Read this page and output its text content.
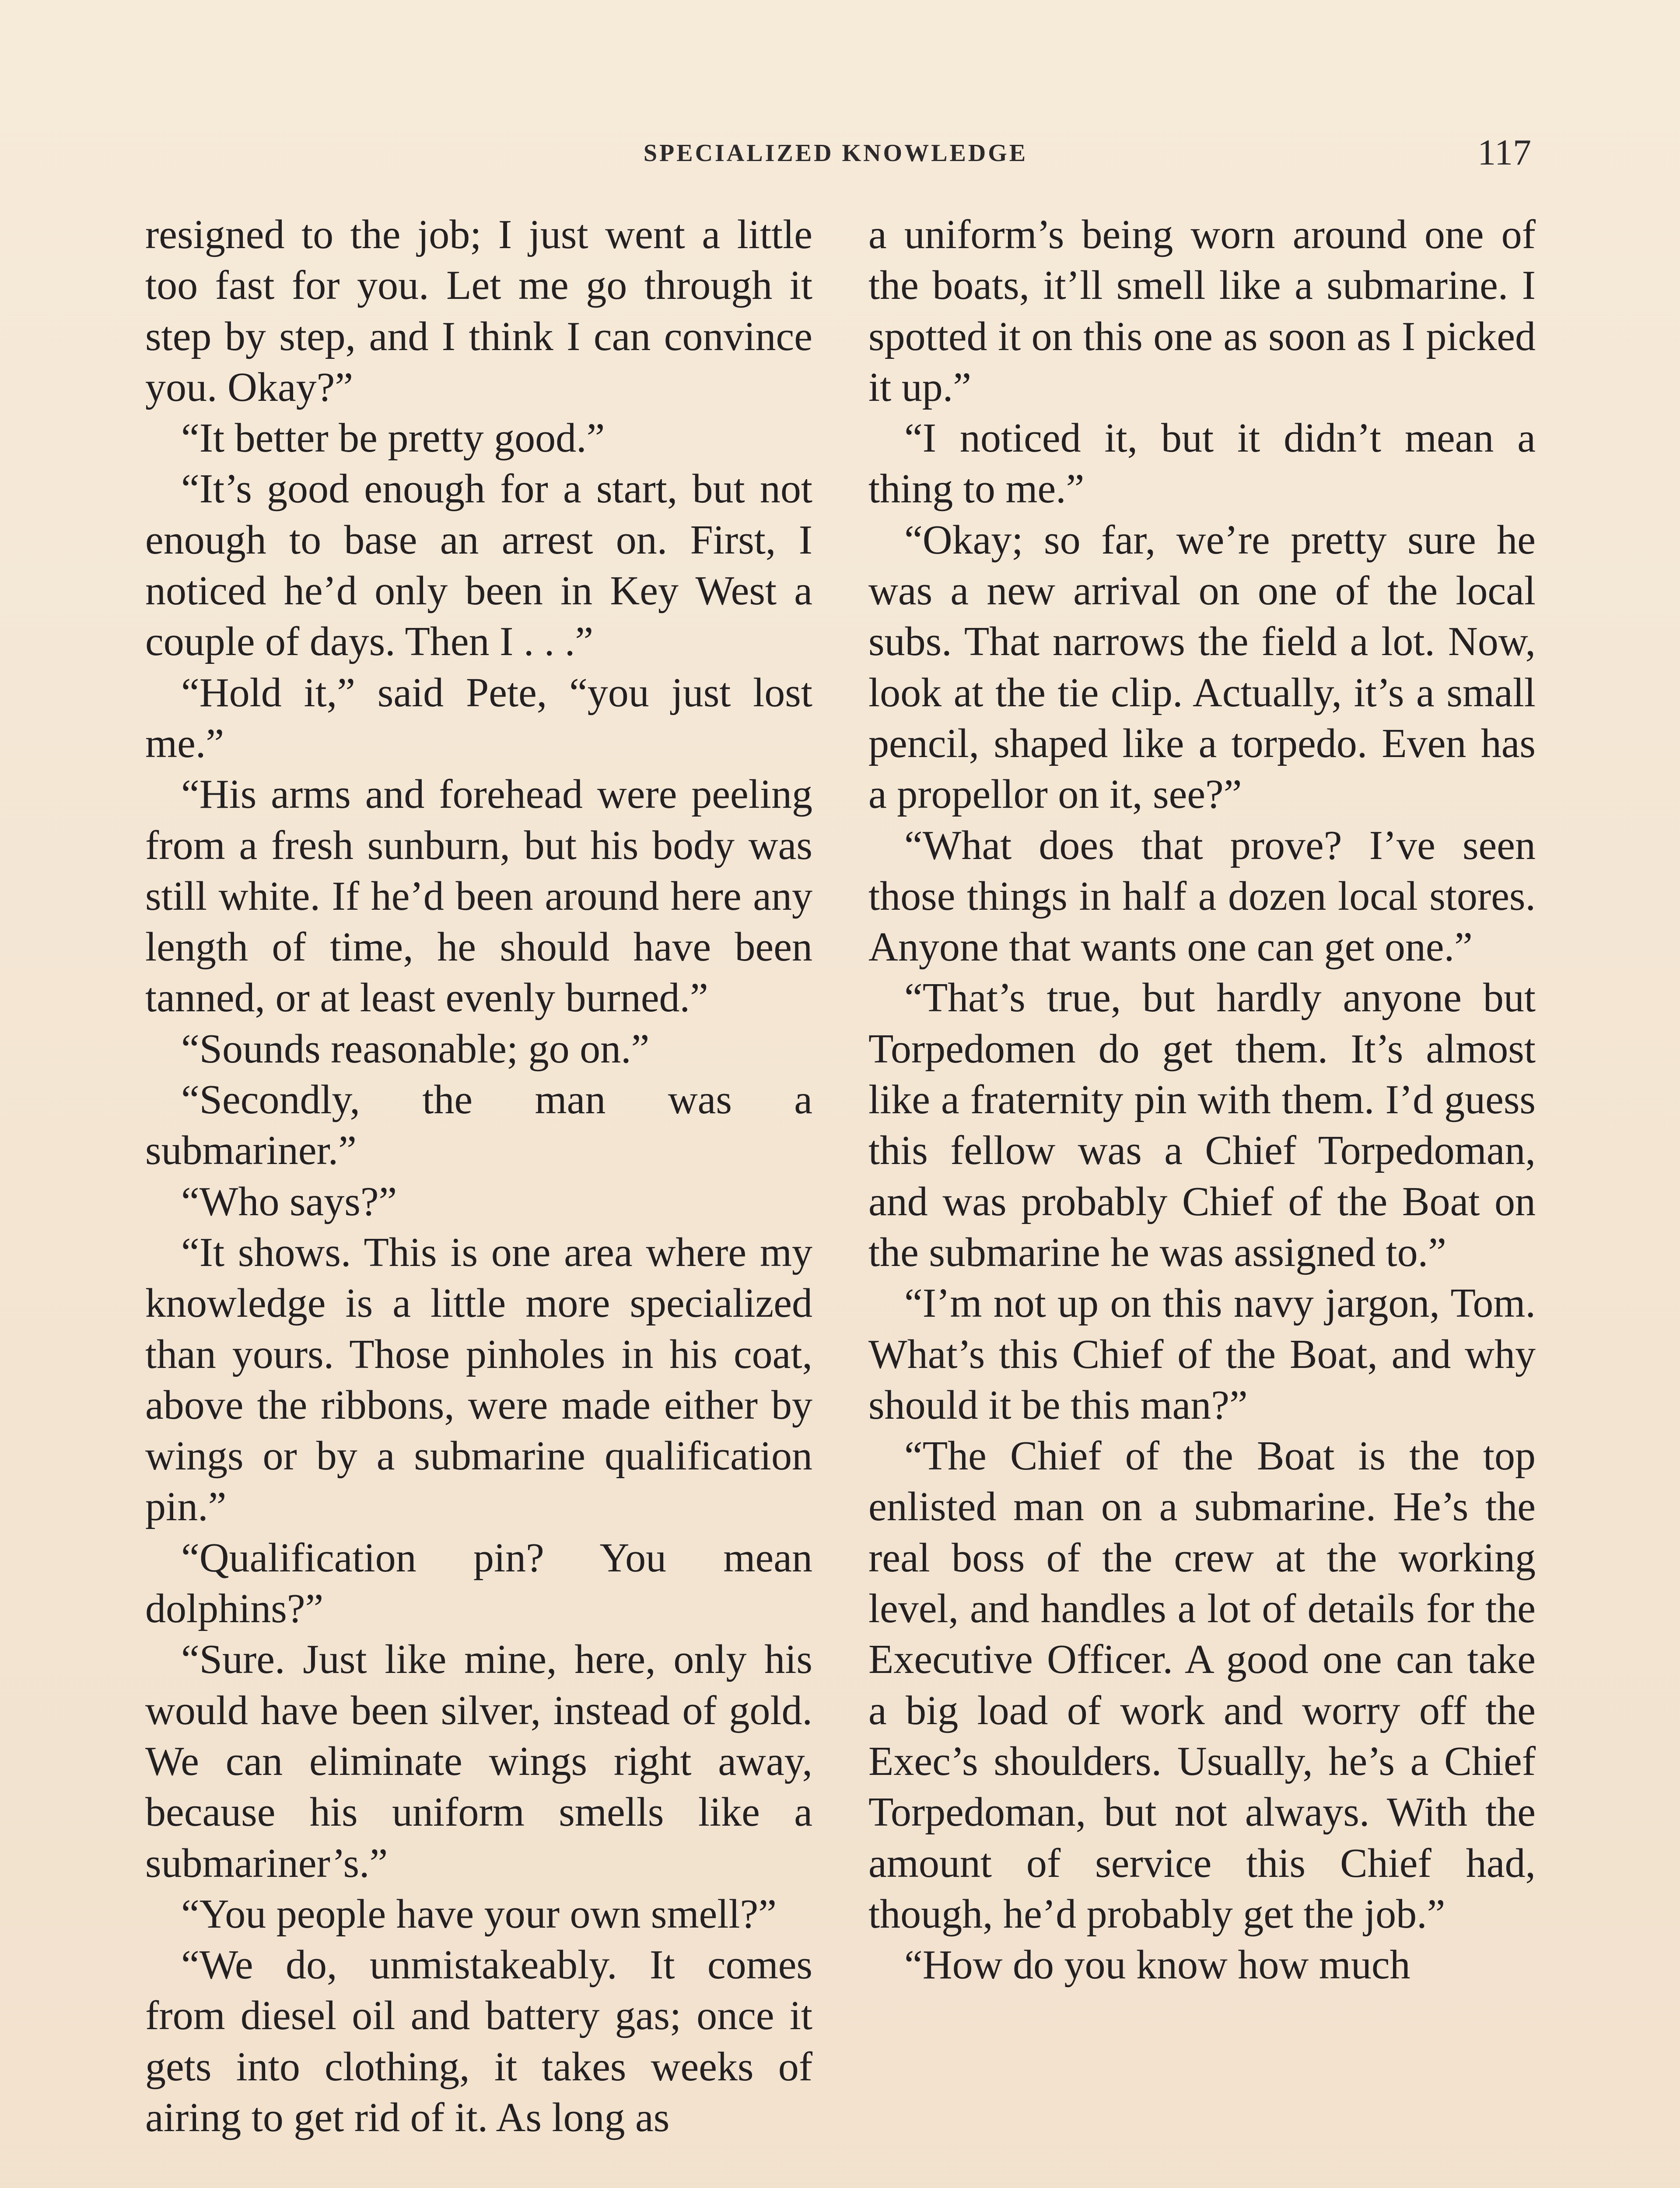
SPECIALIZED KNOWLEDGE	117

resigned to the job; I just went a little too fast for you. Let me go through it step by step, and I think I can convince you. Okay?”

“It better be pretty good.”

“It’s good enough for a start, but not enough to base an arrest on. First, I noticed he’d only been in Key West a couple of days. Then I . . .”

“Hold it,” said Pete, “you just lost me.”

“His arms and forehead were peeling from a fresh sunburn, but his body was still white. If he’d been around here any length of time, he should have been tanned, or at least evenly burned.”

“Sounds reasonable; go on.”

“Secondly, the man was a submariner.”

“Who says?”

“It shows. This is one area where my knowledge is a little more specialized than yours. Those pinholes in his coat, above the ribbons, were made either by wings or by a submarine qualification pin.”

“Qualification pin? You mean dolphins?”

“Sure. Just like mine, here, only his would have been silver, instead of gold. We can eliminate wings right away, because his uniform smells like a submariner’s.”

“You people have your own smell?”

“We do, unmistakeably. It comes from diesel oil and battery gas; once it gets into clothing, it takes weeks of airing to get rid of it. As long as

a uniform’s being worn around one of the boats, it’ll smell like a submarine. I spotted it on this one as soon as I picked it up.”

“I noticed it, but it didn’t mean a thing to me.”

“Okay; so far, we’re pretty sure he was a new arrival on one of the local subs. That narrows the field a lot. Now, look at the tie clip. Actually, it’s a small pencil, shaped like a torpedo. Even has a propellor on it, see?”

“What does that prove? I’ve seen those things in half a dozen local stores. Anyone that wants one can get one.”

“That’s true, but hardly anyone but Torpedomen do get them. It’s almost like a fraternity pin with them. I’d guess this fellow was a Chief Torpedoman, and was probably Chief of the Boat on the submarine he was assigned to.”

“I’m not up on this navy jargon, Tom. What’s this Chief of the Boat, and why should it be this man?”

“The Chief of the Boat is the top enlisted man on a submarine. He’s the real boss of the crew at the working level, and handles a lot of details for the Executive Officer. A good one can take a big load of work and worry off the Exec’s shoulders. Usually, he’s a Chief Torpedoman, but not always. With the amount of service this Chief had, though, he’d probably get the job.”

“How do you know how much
